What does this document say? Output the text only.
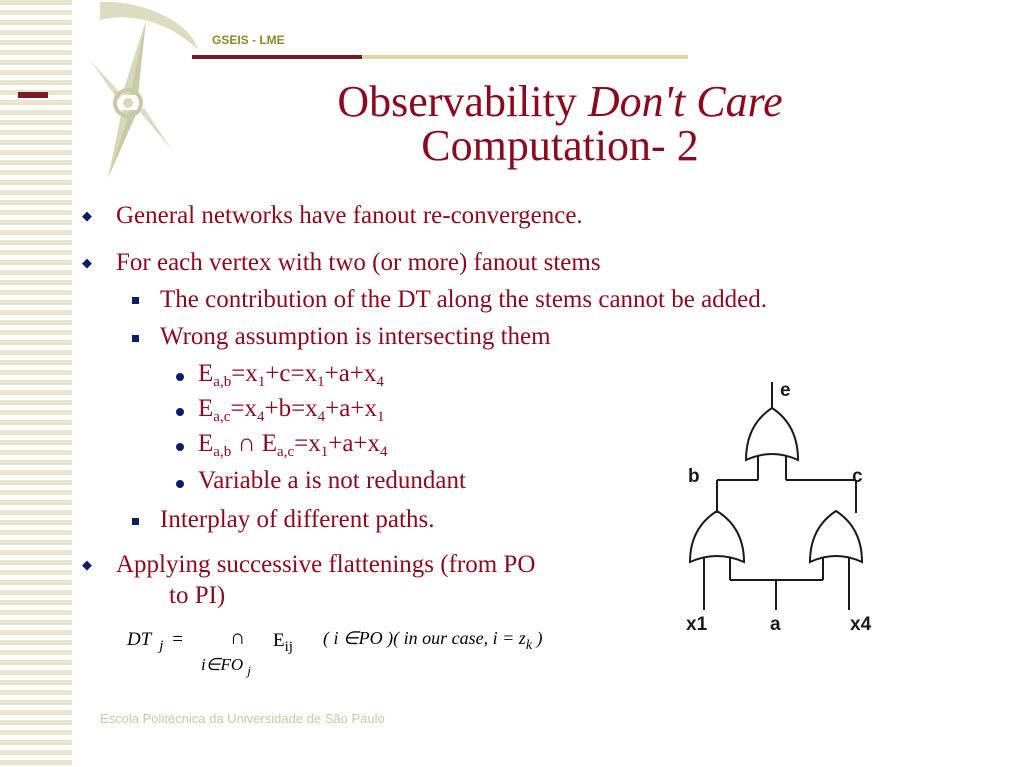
GSEIS - LME
Observability Don't Care
Computation- 2
◆ General networks have fanout re-convergence.
◆ For each vertex with two (or more) fanout stems
The contribution of the DT along the stems cannot be added.
Wrong assumption is intersecting them
$E_{a,b}=x_1+c=x_1+a+x_4$
$E_{a,c}=x_4+b=x_4+a+x_1$
$E_{a,b}$ ∩ $E_{a,c}=x_1+a+x_4$
Variable a is not redundant
Interplay of different paths.
◆ Applying successive flattenings (from PO
to PI)
DT $_j$ = ∩
i∈FO $_j$
$E_{ij}$ ( i ∈PO )( in our case, $i = z_k$ )
e
b	c
x1	a	x4
Escola Politécnica da Universidade de São Paulo
